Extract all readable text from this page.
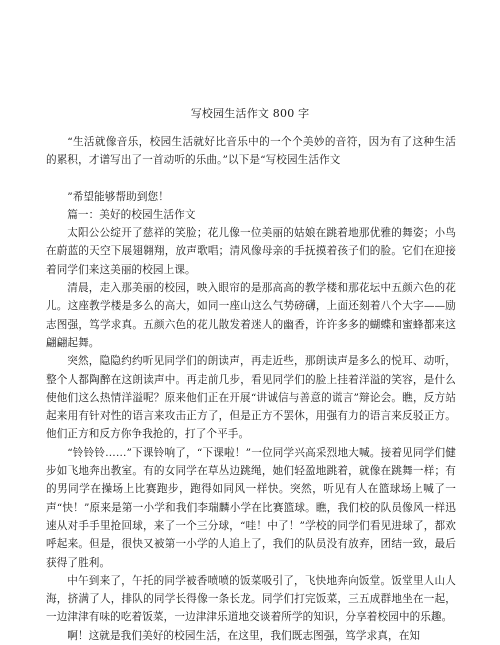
写校园生活作文 800 字

“生活就像音乐，校园生活就好比音乐中的一个个美妙的音符，因为有了这种生活的累积，才谱写出了一首动听的乐曲。”以下是“写校园生活作文

”希望能够帮助到您！

篇一：美好的校园生活作文

太阳公公绽开了慈祥的笑脸；花儿像一位美丽的姑娘在跳着地那优雅的舞姿；小鸟在蔚蓝的天空下展翅翱翔，放声歌唱；清风像母亲的手抚摸着孩子们的脸。它们在迎接着同学们来这美丽的校园上课。

清晨，走入那美丽的校园，映入眼帘的是那高高的教学楼和那花坛中五颜六色的花儿。这座教学楼是多么的高大，如同一座山这么气势磅礴，上面还刻着八个大字——励志图强，笃学求真。五颜六色的花儿散发着迷人的幽香，许许多多的蝴蝶和蜜蜂都来这翩翩起舞。

突然，隐隐约约听见同学们的朗读声，再走近些，那朗读声是多么的悦耳、动听，整个人都陶醉在这朗读声中。再走前几步，看见同学们的脸上挂着洋溢的笑容，是什么使他们这么热情洋溢呢？原来他们正在开展“讲诚信与善意的谎言”辩论会。瞧，反方站起来用有针对性的语言来攻击正方了，但是正方不罢休，用强有力的语言来反驳正方。他们正方和反方你争我抢的，打了个平手。

“铃铃铃……”下课铃响了，“下课啦！”一位同学兴高采烈地大喊。接着见同学们健步如飞地奔出教室。有的女同学在草丛边跳绳，她们轻盈地跳着，就像在跳舞一样；有的男同学在操场上比赛跑步，跑得如同风一样快。突然，听见有人在篮球场上喊了一声“快！”原来是第一小学和我们李瑞麟小学在比赛篮球。瞧，我们校的队员像风一样迅速从对手手里抢回球，来了一个三分球，“哇！中了！”学校的同学们看见进球了，都欢呼起来。但是，很快又被第一小学的人追上了，我们的队员没有放弃，团结一致，最后获得了胜利。

中午到来了，午托的同学被香喷喷的饭菜吸引了，飞快地奔向饭堂。饭堂里人山人海，挤满了人，排队的同学长得像一条长龙。同学们打完饭菜，三五成群地坐在一起，一边津津有味的吃着饭菜，一边津津乐道地交谈着所学的知识，分享着校园中的乐趣。

啊！这就是我们美好的校园生活，在这里，我们既志图强，笃学求真，在知
